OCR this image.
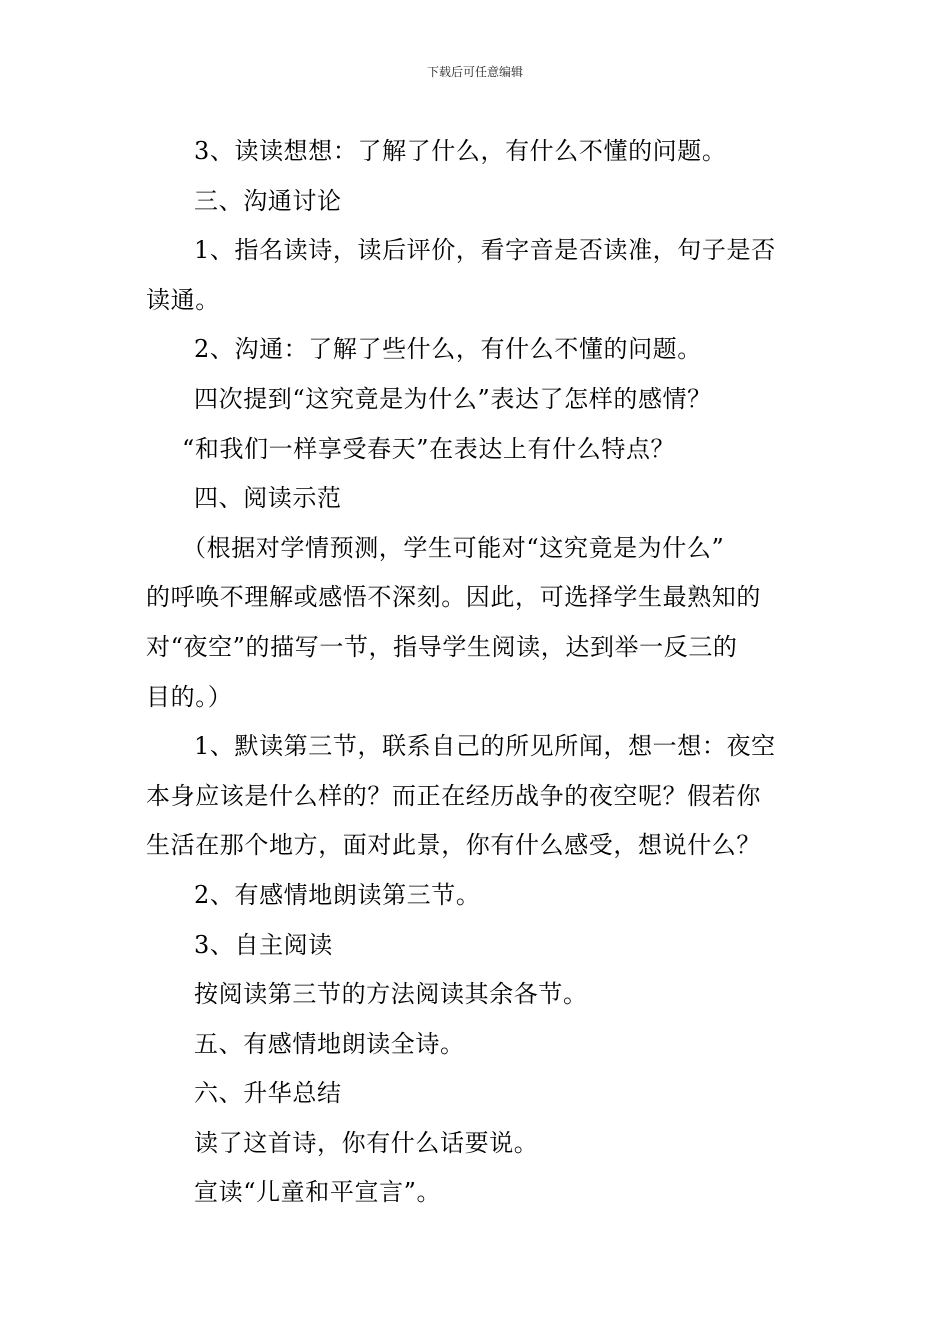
下载后可任意编辑
3、读读想想：了解了什么，有什么不懂的问题。
三、沟通讨论
1、指名读诗，读后评价，看字音是否读准，句子是否
读通。
2、沟通：了解了些什么，有什么不懂的问题。
四次提到“这究竟是为什么”表达了怎样的感情？
“和我们一样享受春天”在表达上有什么特点？
四、阅读示范
（根据对学情预测，学生可能对“这究竟是为什么”
的呼唤不理解或感悟不深刻。因此，可选择学生最熟知的
对“夜空”的描写一节，指导学生阅读，达到举一反三的
目的。）
1、默读第三节，联系自己的所见所闻，想一想：夜空
本身应该是什么样的？而正在经历战争的夜空呢？假若你
生活在那个地方，面对此景，你有什么感受，想说什么？
2、有感情地朗读第三节。
3、自主阅读
按阅读第三节的方法阅读其余各节。
五、有感情地朗读全诗。
六、升华总结
读了这首诗，你有什么话要说。
宣读“儿童和平宣言”。
